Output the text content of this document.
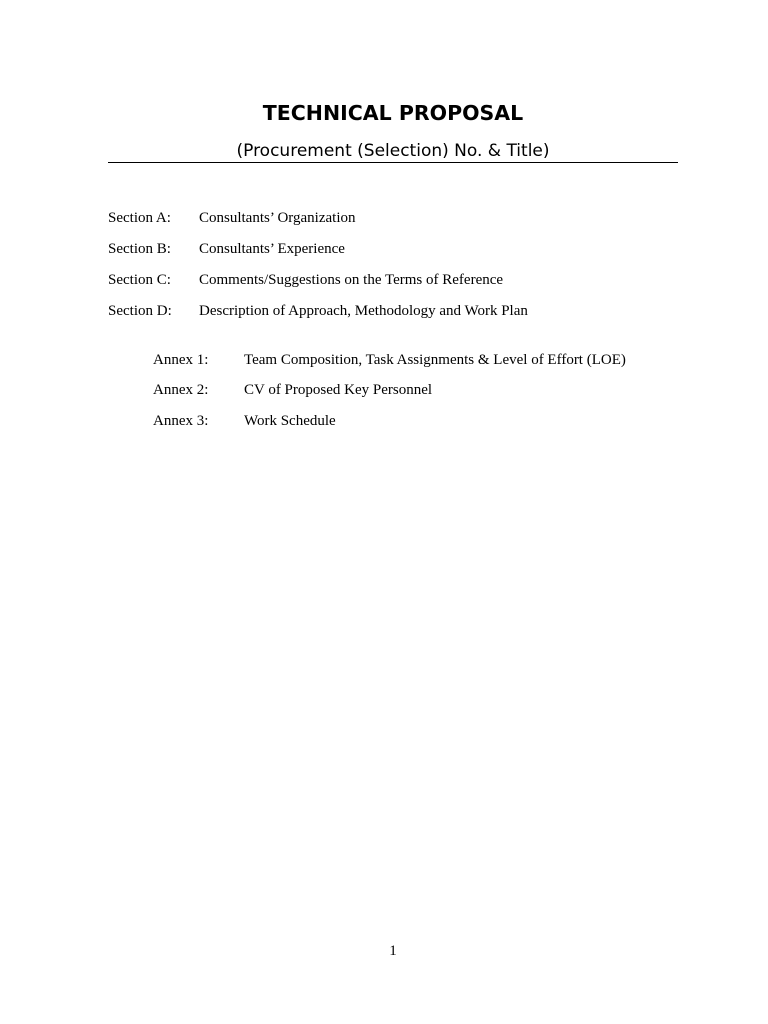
TECHNICAL PROPOSAL

(Procurement (Selection) No. & Title)

Section A: Consultants’ Organization
Section B: Consultants’ Experience
Section C: Comments/Suggestions on the Terms of Reference
Section D: Description of Approach, Methodology and Work Plan
Annex 1: Team Composition, Task Assignments & Level of Effort (LOE)
Annex 2: CV of Proposed Key Personnel
Annex 3: Work Schedule
1
